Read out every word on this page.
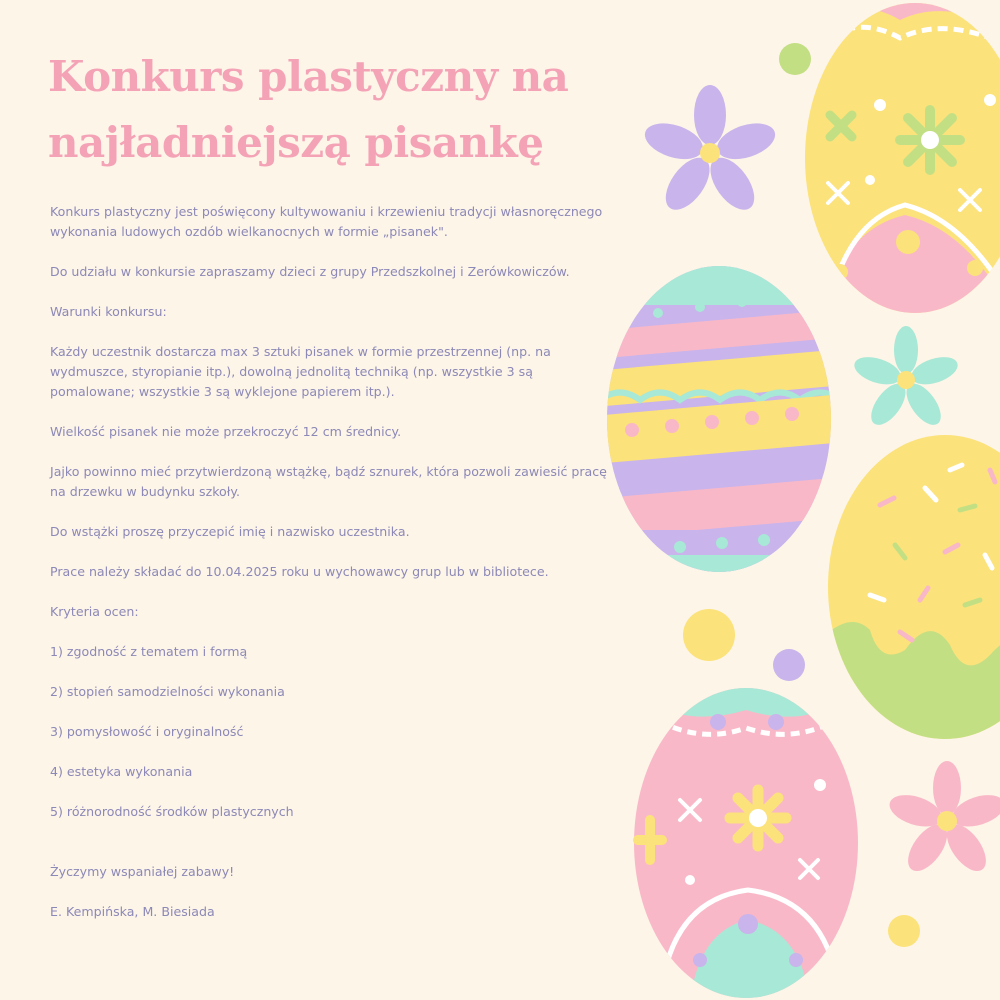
Konkurs plastyczny na
najładniejszą pisankę

Konkurs plastyczny jest poświęcony kultywowaniu i krzewieniu tradycji własnoręcznego wykonania ludowych ozdób wielkanocnych w formie „pisanek".

Do udziału w konkursie zapraszamy dzieci z grupy Przedszkolnej i Zerówkowiczów.

Warunki konkursu:

Każdy uczestnik dostarcza max 3 sztuki pisanek w formie przestrzennej (np. na wydmuszce, styropianie itp.), dowolną jednolitą techniką (np. wszystkie 3 są pomalowane; wszystkie 3 są wyklejone papierem itp.).

Wielkość pisanek nie może przekroczyć 12 cm średnicy.

Jajko powinno mieć przytwierdzoną wstążkę, bądź sznurek, która pozwoli zawiesić pracę na drzewku w budynku szkoły.

Do wstążki proszę przyczepić imię i nazwisko uczestnika.

Prace należy składać do 10.04.2025 roku u wychowawcy grup lub w bibliotece.

Kryteria ocen:

1) zgodność z tematem i formą

2) stopień samodzielności wykonania

3) pomysłowość i oryginalność

4) estetyka wykonania

5) różnorodność środków plastycznych

Życzymy wspaniałej zabawy!

E. Kempińska, M. Biesiada
